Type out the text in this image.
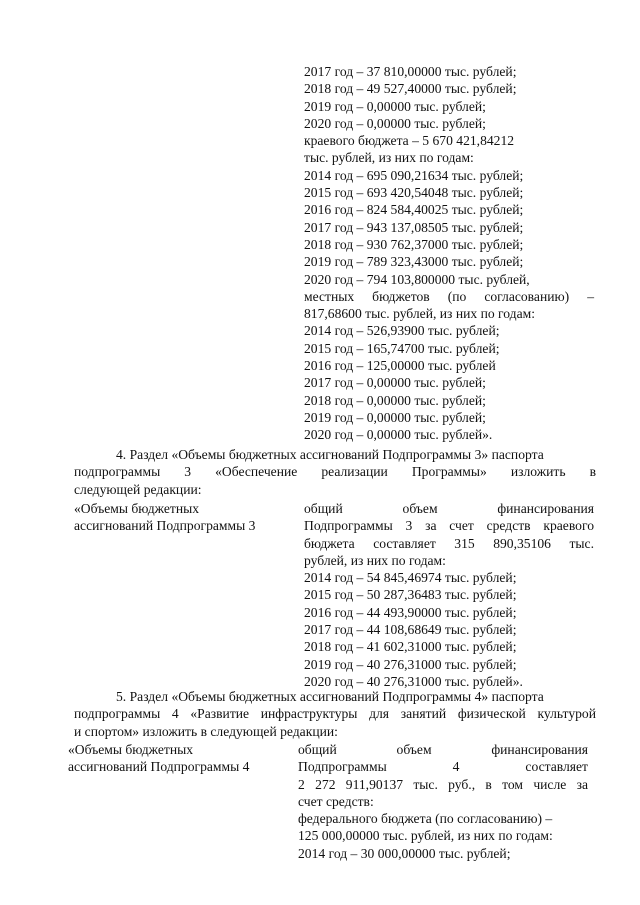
2017 год – 37 810,00000 тыс. рублей;
2018 год – 49 527,40000 тыс. рублей;
2019 год – 0,00000 тыс. рублей;
2020 год – 0,00000 тыс. рублей;
краевого бюджета – 5 670 421,84212
тыс. рублей, из них по годам:
2014 год – 695 090,21634 тыс. рублей;
2015 год – 693 420,54048 тыс. рублей;
2016 год – 824 584,40025 тыс. рублей;
2017 год – 943 137,08505 тыс. рублей;
2018 год – 930 762,37000 тыс. рублей;
2019 год – 789 323,43000 тыс. рублей;
2020 год – 794 103,800000 тыс. рублей,
местных бюджетов (по согласованию) –
817,68600 тыс. рублей, из них по годам:
2014 год – 526,93900 тыс. рублей;
2015 год – 165,74700 тыс. рублей;
2016 год – 125,00000 тыс. рублей
2017 год – 0,00000 тыс. рублей;
2018 год – 0,00000 тыс. рублей;
2019 год – 0,00000 тыс. рублей;
2020 год – 0,00000 тыс. рублей».
4. Раздел «Объемы бюджетных ассигнований Подпрограммы 3» паспорта
подпрограммы 3 «Обеспечение реализации Программы» изложить в
следующей редакции:
«Объемы бюджетных
ассигнований Подпрограммы 3
общий объем финансирования
Подпрограммы 3 за счет средств краевого
бюджета составляет 315 890,35106 тыс.
рублей, из них по годам:
2014 год – 54 845,46974 тыс. рублей;
2015 год – 50 287,36483 тыс. рублей;
2016 год – 44 493,90000 тыс. рублей;
2017 год – 44 108,68649 тыс. рублей;
2018 год – 41 602,31000 тыс. рублей;
2019 год – 40 276,31000 тыс. рублей;
2020 год – 40 276,31000 тыс. рублей».
5. Раздел «Объемы бюджетных ассигнований Подпрограммы 4» паспорта
подпрограммы 4 «Развитие инфраструктуры для занятий физической культурой
и спортом» изложить в следующей редакции:
«Объемы бюджетных
ассигнований Подпрограммы 4
общий объем финансирования
Подпрограммы 4 составляет
2 272 911,90137 тыс. руб., в том числе за
счет средств:
федерального бюджета (по согласованию) –
125 000,00000 тыс. рублей, из них по годам:
2014 год – 30 000,00000 тыс. рублей;
